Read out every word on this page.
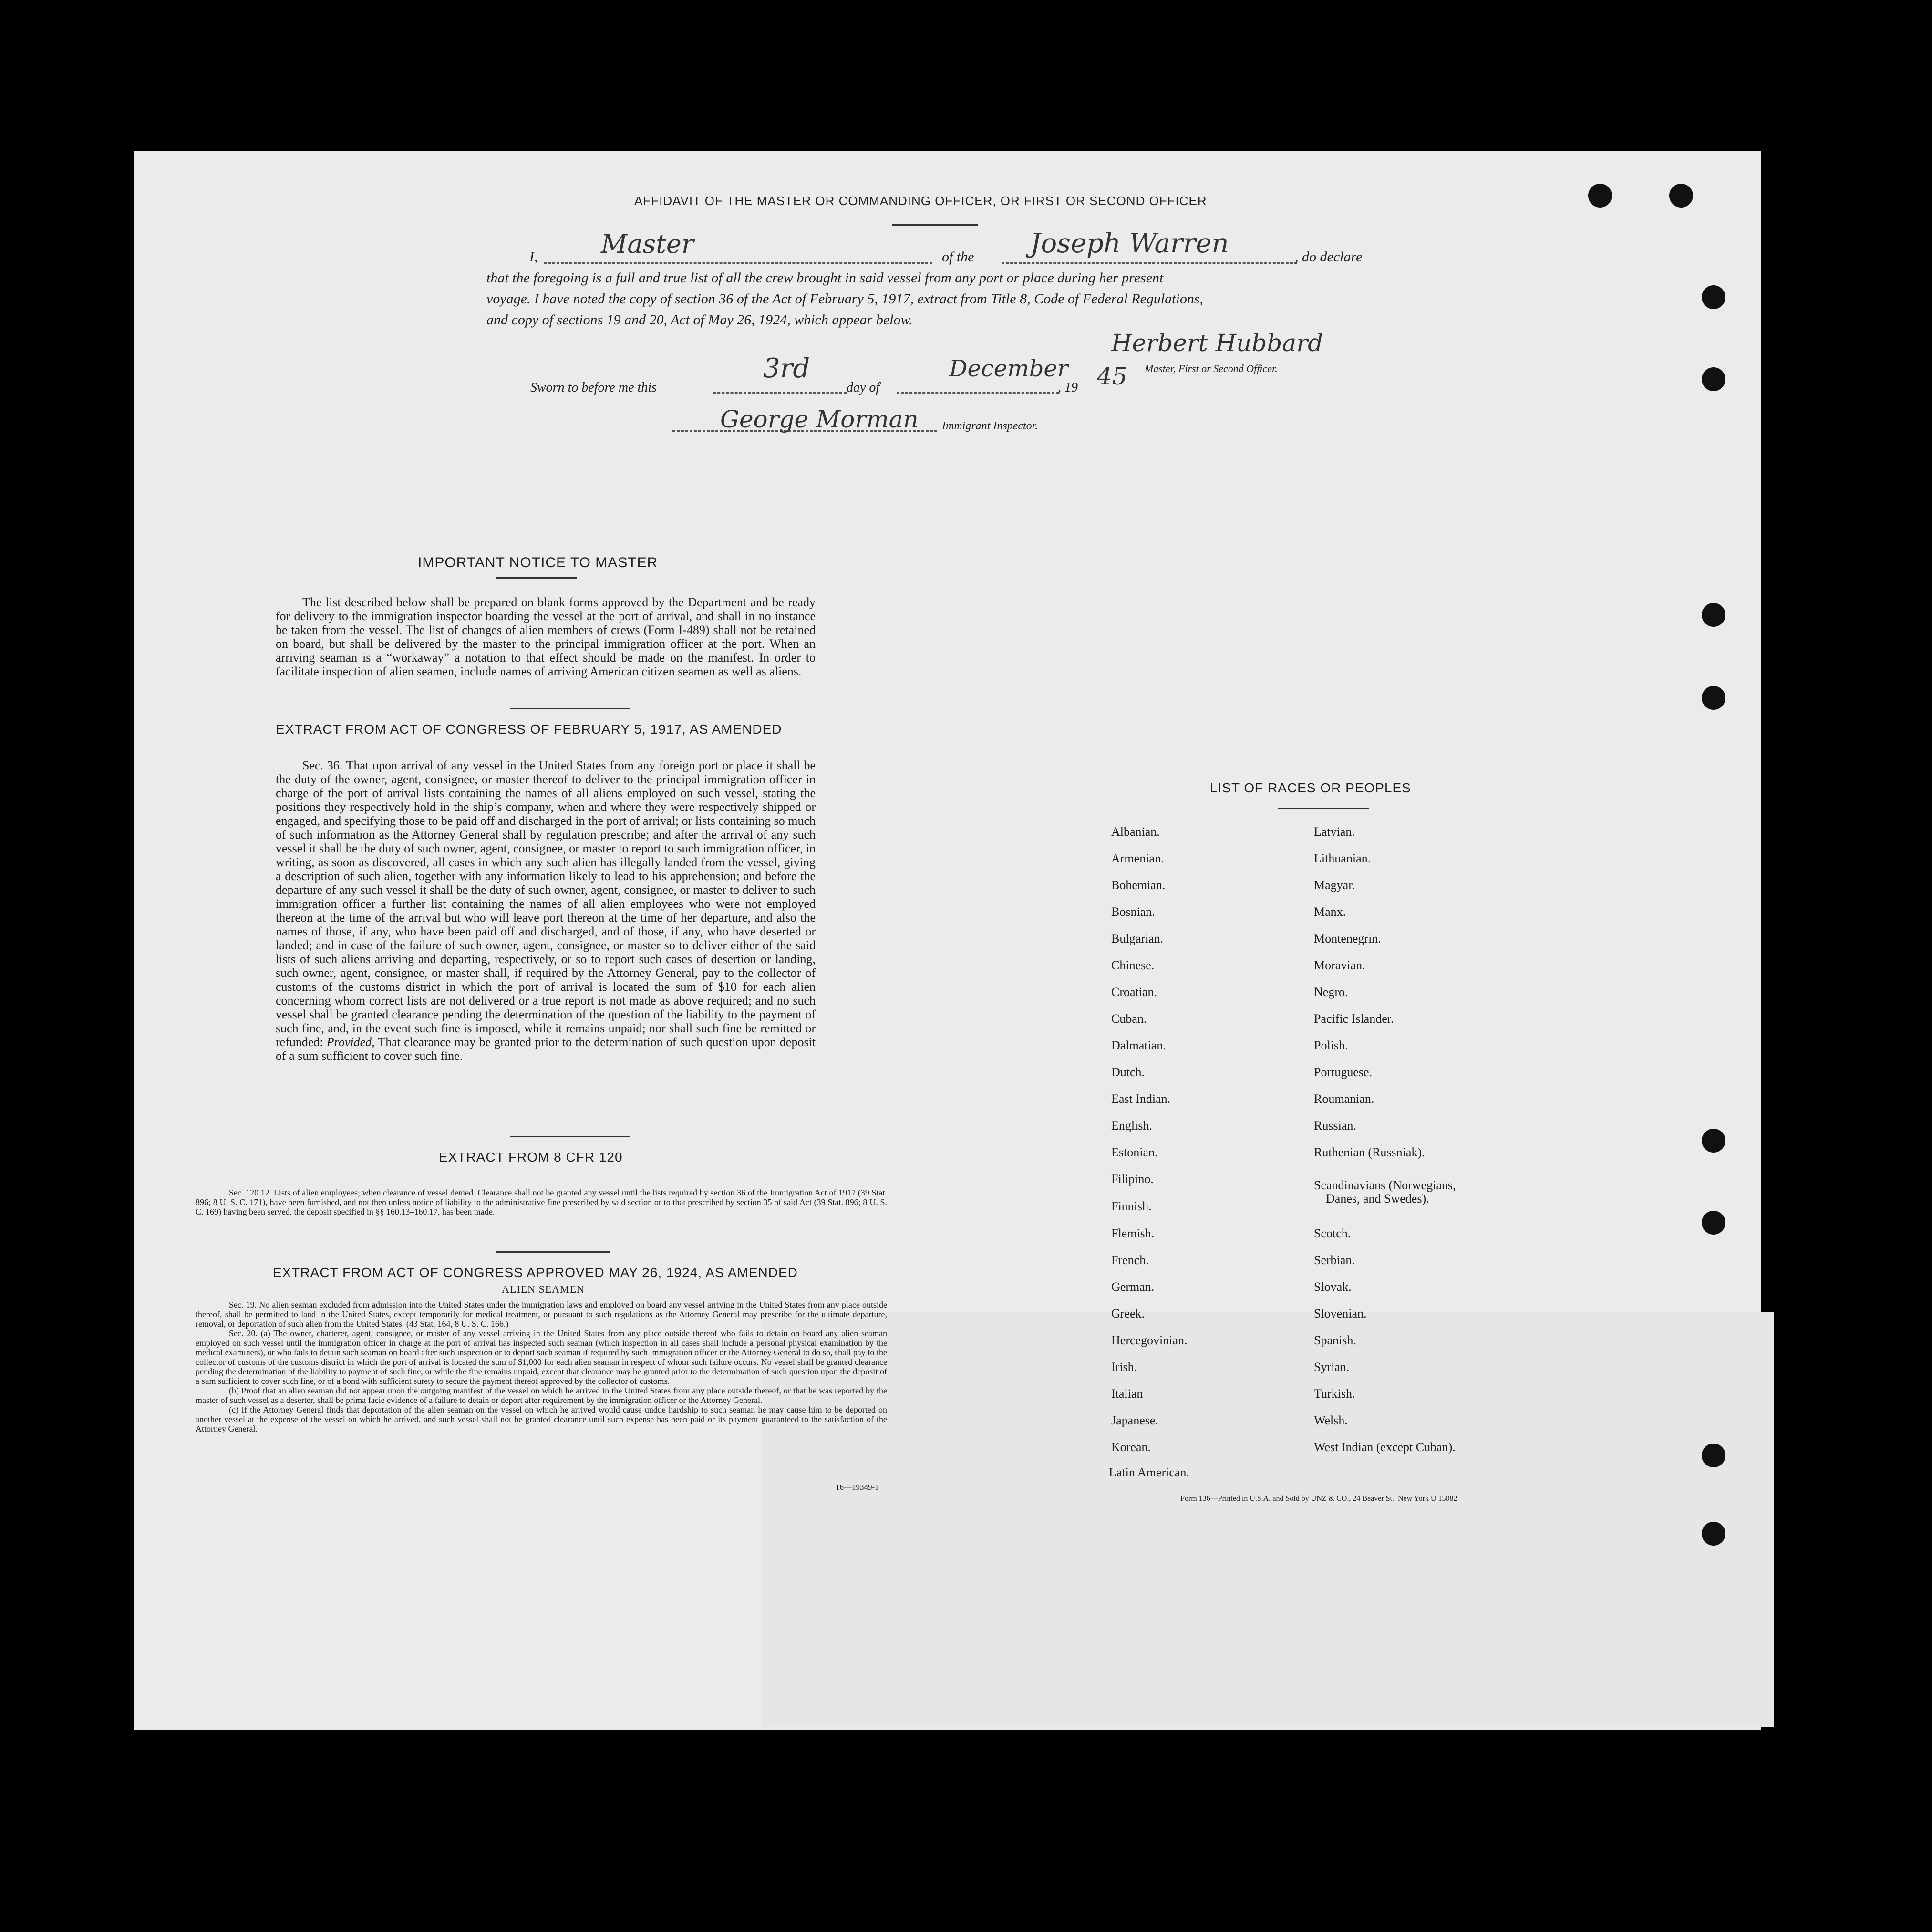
AFFIDAVIT OF THE MASTER OR COMMANDING OFFICER, OR FIRST OR SECOND OFFICER
I, Master	of the Joseph Warren	, do declare
that the foregoing is a full and true list of all the crew brought in said vessel from any port or place during her present
voyage. I have noted the copy of section 36 of the Act of February 5, 1917, extract from Title 8, Code of Federal Regulations,
and copy of sections 19 and 20, Act of May 26, 1924, which appear below.
Herbert Hubbard
Master, First or Second Officer.
Sworn to before me this
3rd
day of
December
, 19 45
George Morman Immigrant Inspector.
IMPORTANT NOTICE TO MASTER
The list described below shall be prepared on blank forms approved by the Department and be ready for delivery to the immigration inspector boarding the vessel at the port of arrival, and shall in no instance be taken from the vessel. The list of changes of alien members of crews (Form I-489) shall not be retained on board, but shall be delivered by the master to the principal immigration officer at the port. When an arriving seaman is a “workaway” a notation to that effect should be made on the manifest. In order to facilitate inspection of alien seamen, include names of arriving American citizen seamen as well as aliens.
EXTRACT FROM ACT OF CONGRESS OF FEBRUARY 5, 1917, AS AMENDED
Sec. 36. That upon arrival of any vessel in the United States from any foreign port or place it shall be the duty of the owner, agent, consignee, or master thereof to deliver to the principal immigration officer in charge of the port of arrival lists containing the names of all aliens employed on such vessel, stating the positions they respectively hold in the ship’s company, when and where they were respectively shipped or engaged, and specifying those to be paid off and discharged in the port of arrival; or lists containing so much of such information as the Attorney General shall by regulation prescribe; and after the arrival of any such vessel it shall be the duty of such owner, agent, consignee, or master to report to such immigration officer, in writing, as soon as discovered, all cases in which any such alien has illegally landed from the vessel, giving a description of such alien, together with any information likely to lead to his apprehension; and before the departure of any such vessel it shall be the duty of such owner, agent, consignee, or master to deliver to such immigration officer a further list containing the names of all alien employees who were not employed thereon at the time of the arrival but who will leave port thereon at the time of her departure, and also the names of those, if any, who have been paid off and discharged, and of those, if any, who have deserted or landed; and in case of the failure of such owner, agent, consignee, or master so to deliver either of the said lists of such aliens arriving and departing, respectively, or so to report such cases of desertion or landing, such owner, agent, consignee, or master shall, if required by the Attorney General, pay to the collector of customs of the customs district in which the port of arrival is located the sum of $10 for each alien concerning whom correct lists are not delivered or a true report is not made as above required; and no such vessel shall be granted clearance pending the determination of the question of the liability to the payment of such fine, and, in the event such fine is imposed, while it remains unpaid; nor shall such fine be remitted or refunded: Provided, That clearance may be granted prior to the determination of such question upon deposit of a sum sufficient to cover such fine.
EXTRACT FROM 8 CFR 120
Sec. 120.12. Lists of alien employees; when clearance of vessel denied. Clearance shall not be granted any vessel until the lists required by section 36 of the Immigration Act of 1917 (39 Stat. 896; 8 U. S. C. 171), have been furnished, and not then unless notice of liability to the administrative fine prescribed by said section or to that prescribed by section 35 of said Act (39 Stat. 896; 8 U. S. C. 169) having been served, the deposit specified in §§ 160.13–160.17, has been made.
EXTRACT FROM ACT OF CONGRESS APPROVED MAY 26, 1924, AS AMENDED
ALIEN SEAMEN
Sec. 19. No alien seaman excluded from admission into the United States under the immigration laws and employed on board any vessel arriving in the United States from any place outside thereof, shall be permitted to land in the United States, except temporarily for medical treatment, or pursuant to such regulations as the Attorney General may prescribe for the ultimate departure, removal, or deportation of such alien from the United States. (43 Stat. 164, 8 U. S. C. 166.)
Sec. 20. (a) The owner, charterer, agent, consignee, or master of any vessel arriving in the United States from any place outside thereof who fails to detain on board any alien seaman employed on such vessel until the immigration officer in charge at the port of arrival has inspected such seaman (which inspection in all cases shall include a personal physical examination by the medical examiners), or who fails to detain such seaman on board after such inspection or to deport such seaman if required by such immigration officer or the Attorney General to do so, shall pay to the collector of customs of the customs district in which the port of arrival is located the sum of $1,000 for each alien seaman in respect of whom such failure occurs. No vessel shall be granted clearance pending the determination of the liability to payment of such fine, or while the fine remains unpaid, except that clearance may be granted prior to the determination of such question upon the deposit of a sum sufficient to cover such fine, or of a bond with sufficient surety to secure the payment thereof approved by the collector of customs.
(b) Proof that an alien seaman did not appear upon the outgoing manifest of the vessel on which he arrived in the United States from any place outside thereof, or that he was reported by the master of such vessel as a deserter, shall be prima facie evidence of a failure to detain or deport after requirement by the immigration officer or the Attorney General.
(c) If the Attorney General finds that deportation of the alien seaman on the vessel on which he arrived would cause undue hardship to such seaman he may cause him to be deported on another vessel at the expense of the vessel on which he arrived, and such vessel shall not be granted clearance until such expense has been paid or its payment guaranteed to the satisfaction of the Attorney General.
16—19349-1
LIST OF RACES OR PEOPLES
Albanian.
Armenian.
Bohemian.
Bosnian.
Bulgarian.
Chinese.
Croatian.
Cuban.
Dalmatian.
Dutch.
East Indian.
English.
Estonian.
Filipino.
Finnish.
Flemish.
French.
German.
Greek.
Hercegovinian.
Irish.
Italian
Japanese.
Korean.
Latin American.
Latvian.
Lithuanian.
Magyar.
Manx.
Montenegrin.
Moravian.
Negro.
Pacific Islander.
Polish.
Portuguese.
Roumanian.
Russian.
Ruthenian (Russniak).
Scandinavians (Norwegians,
Danes, and Swedes).
Scotch.
Serbian.
Slovak.
Slovenian.
Spanish.
Syrian.
Turkish.
Welsh.
West Indian (except Cuban).
Form 136—Printed in U.S.A. and Sold by UNZ & CO., 24 Beaver St., New York U 15082
